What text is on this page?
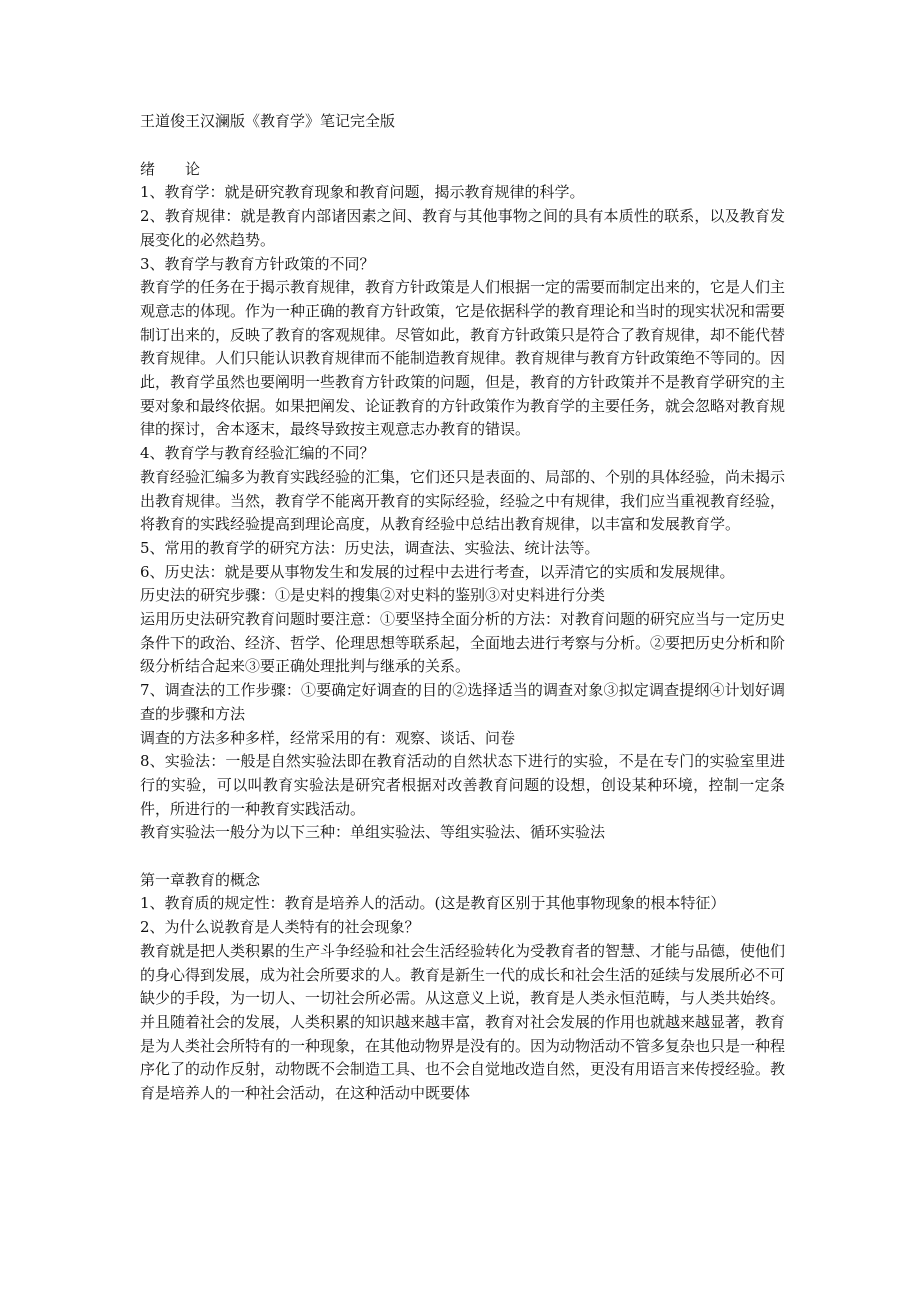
王道俊王汉澜版《教育学》笔记完全版

绪　　论

1、教育学：就是研究教育现象和教育问题，揭示教育规律的科学。

2、教育规律：就是教育内部诸因素之间、教育与其他事物之间的具有本质性的联系，以及教育发展变化的必然趋势。

3、教育学与教育方针政策的不同？

教育学的任务在于揭示教育规律，教育方针政策是人们根据一定的需要而制定出来的，它是人们主观意志的体现。作为一种正确的教育方针政策，它是依据科学的教育理论和当时的现实状况和需要制订出来的，反映了教育的客观规律。尽管如此，教育方针政策只是符合了教育规律，却不能代替教育规律。人们只能认识教育规律而不能制造教育规律。教育规律与教育方针政策绝不等同的。因此，教育学虽然也要阐明一些教育方针政策的问题，但是，教育的方针政策并不是教育学研究的主要对象和最终依据。如果把阐发、论证教育的方针政策作为教育学的主要任务，就会忽略对教育规律的探讨，舍本逐末，最终导致按主观意志办教育的错误。

4、教育学与教育经验汇编的不同？

教育经验汇编多为教育实践经验的汇集，它们还只是表面的、局部的、个别的具体经验，尚未揭示出教育规律。当然，教育学不能离开教育的实际经验，经验之中有规律，我们应当重视教育经验，将教育的实践经验提高到理论高度，从教育经验中总结出教育规律，以丰富和发展教育学。

5、常用的教育学的研究方法：历史法，调查法、实验法、统计法等。

6、历史法：就是要从事物发生和发展的过程中去进行考查，以弄清它的实质和发展规律。

历史法的研究步骤：①是史料的搜集②对史料的鉴别③对史料进行分类

运用历史法研究教育问题时要注意：①要坚持全面分析的方法：对教育问题的研究应当与一定历史条件下的政治、经济、哲学、伦理思想等联系起，全面地去进行考察与分析。②要把历史分析和阶级分析结合起来③要正确处理批判与继承的关系。

7、调查法的工作步骤：①要确定好调查的目的②选择适当的调查对象③拟定调查提纲④计划好调查的步骤和方法

调查的方法多种多样，经常采用的有：观察、谈话、问卷

8、实验法：一般是自然实验法即在教育活动的自然状态下进行的实验，不是在专门的实验室里进行的实验，可以叫教育实验法是研究者根据对改善教育问题的设想，创设某种环境，控制一定条件，所进行的一种教育实践活动。

教育实验法一般分为以下三种：单组实验法、等组实验法、循环实验法

第一章教育的概念

1、教育质的规定性：教育是培养人的活动。(这是教育区别于其他事物现象的根本特征）

2、为什么说教育是人类特有的社会现象？

教育就是把人类积累的生产斗争经验和社会生活经验转化为受教育者的智慧、才能与品德，使他们的身心得到发展，成为社会所要求的人。教育是新生一代的成长和社会生活的延续与发展所必不可缺少的手段，为一切人、一切社会所必需。从这意义上说，教育是人类永恒范畴，与人类共始终。并且随着社会的发展，人类积累的知识越来越丰富，教育对社会发展的作用也就越来越显著，教育是为人类社会所特有的一种现象，在其他动物界是没有的。因为动物活动不管多复杂也只是一种程序化了的动作反射，动物既不会制造工具、也不会自觉地改造自然，更没有用语言来传授经验。教育是培养人的一种社会活动，在这种活动中既要体
